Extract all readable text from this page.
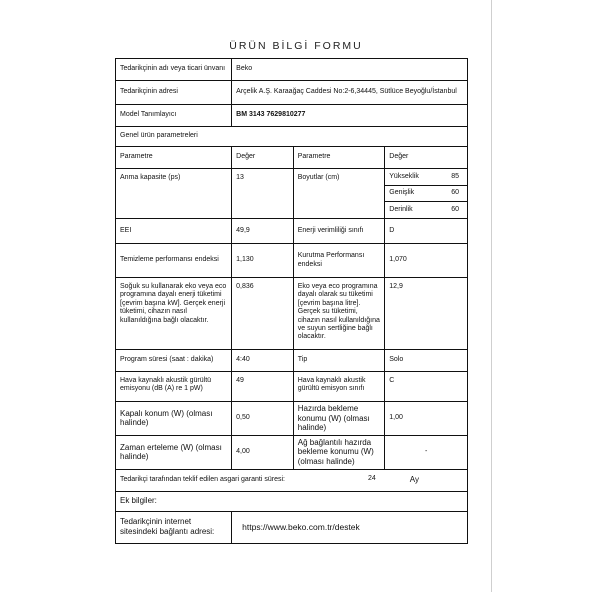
ÜRÜN BİLGİ FORMU
Tedarikçinin adı veya ticari ünvanı	Beko
Tedarikçinin adresi	Arçelik A.Ş. Karaağaç Caddesi No:2-6,34445, Sütlüce Beyoğlu/İstanbul
Model Tanımlayıcı	BM 3143 7629810277
Genel ürün parametreleri
Parametre	Değer	Parametre	Değer
Anma kapasite (ps)	13	Boyutlar (cm)		Yükseklik	85
Genişlik	60
Derinlik	60

EEI	49,9	Enerji verimliliği sınıfı	D
Temizleme performansı endeksi	1,130	Kurutma Performansı endeksi	1,070
Soğuk su kullanarak eko veya eco programına dayalı enerji tüketimi [çevrim başına kW]. Gerçek enerji tüketimi, cihazın nasıl kullanıldığına bağlı olacaktır.	0,836	Eko veya eco programına dayalı olarak su tüketimi [çevrim başına litre]. Gerçek su tüketimi, cihazın nasıl kullanıldığına ve suyun sertliğine bağlı olacaktır.	12,9
Program süresi (saat : dakika)	4:40	Tip	Solo
Hava kaynaklı akustik gürültü emisyonu (dB (A) re 1 pW)	49	Hava kaynaklı akustik gürültü emisyon sınıfı	C
Kapalı konum (W) (olması halinde)	0,50	Hazırda bekleme konumu (W) (olması halinde)	1,00
Zaman erteleme (W) (olması halinde)	4,00	Ağ bağlantılı hazırda bekleme konumu (W) (olması halinde)	-

Tedarikçi tarafından teklif edilen asgari garanti süresi:	24	Ay

Ek bilgiler:
Tedarikçinin internet sitesindeki bağlantı adresi:	https://www.beko.com.tr/destek
